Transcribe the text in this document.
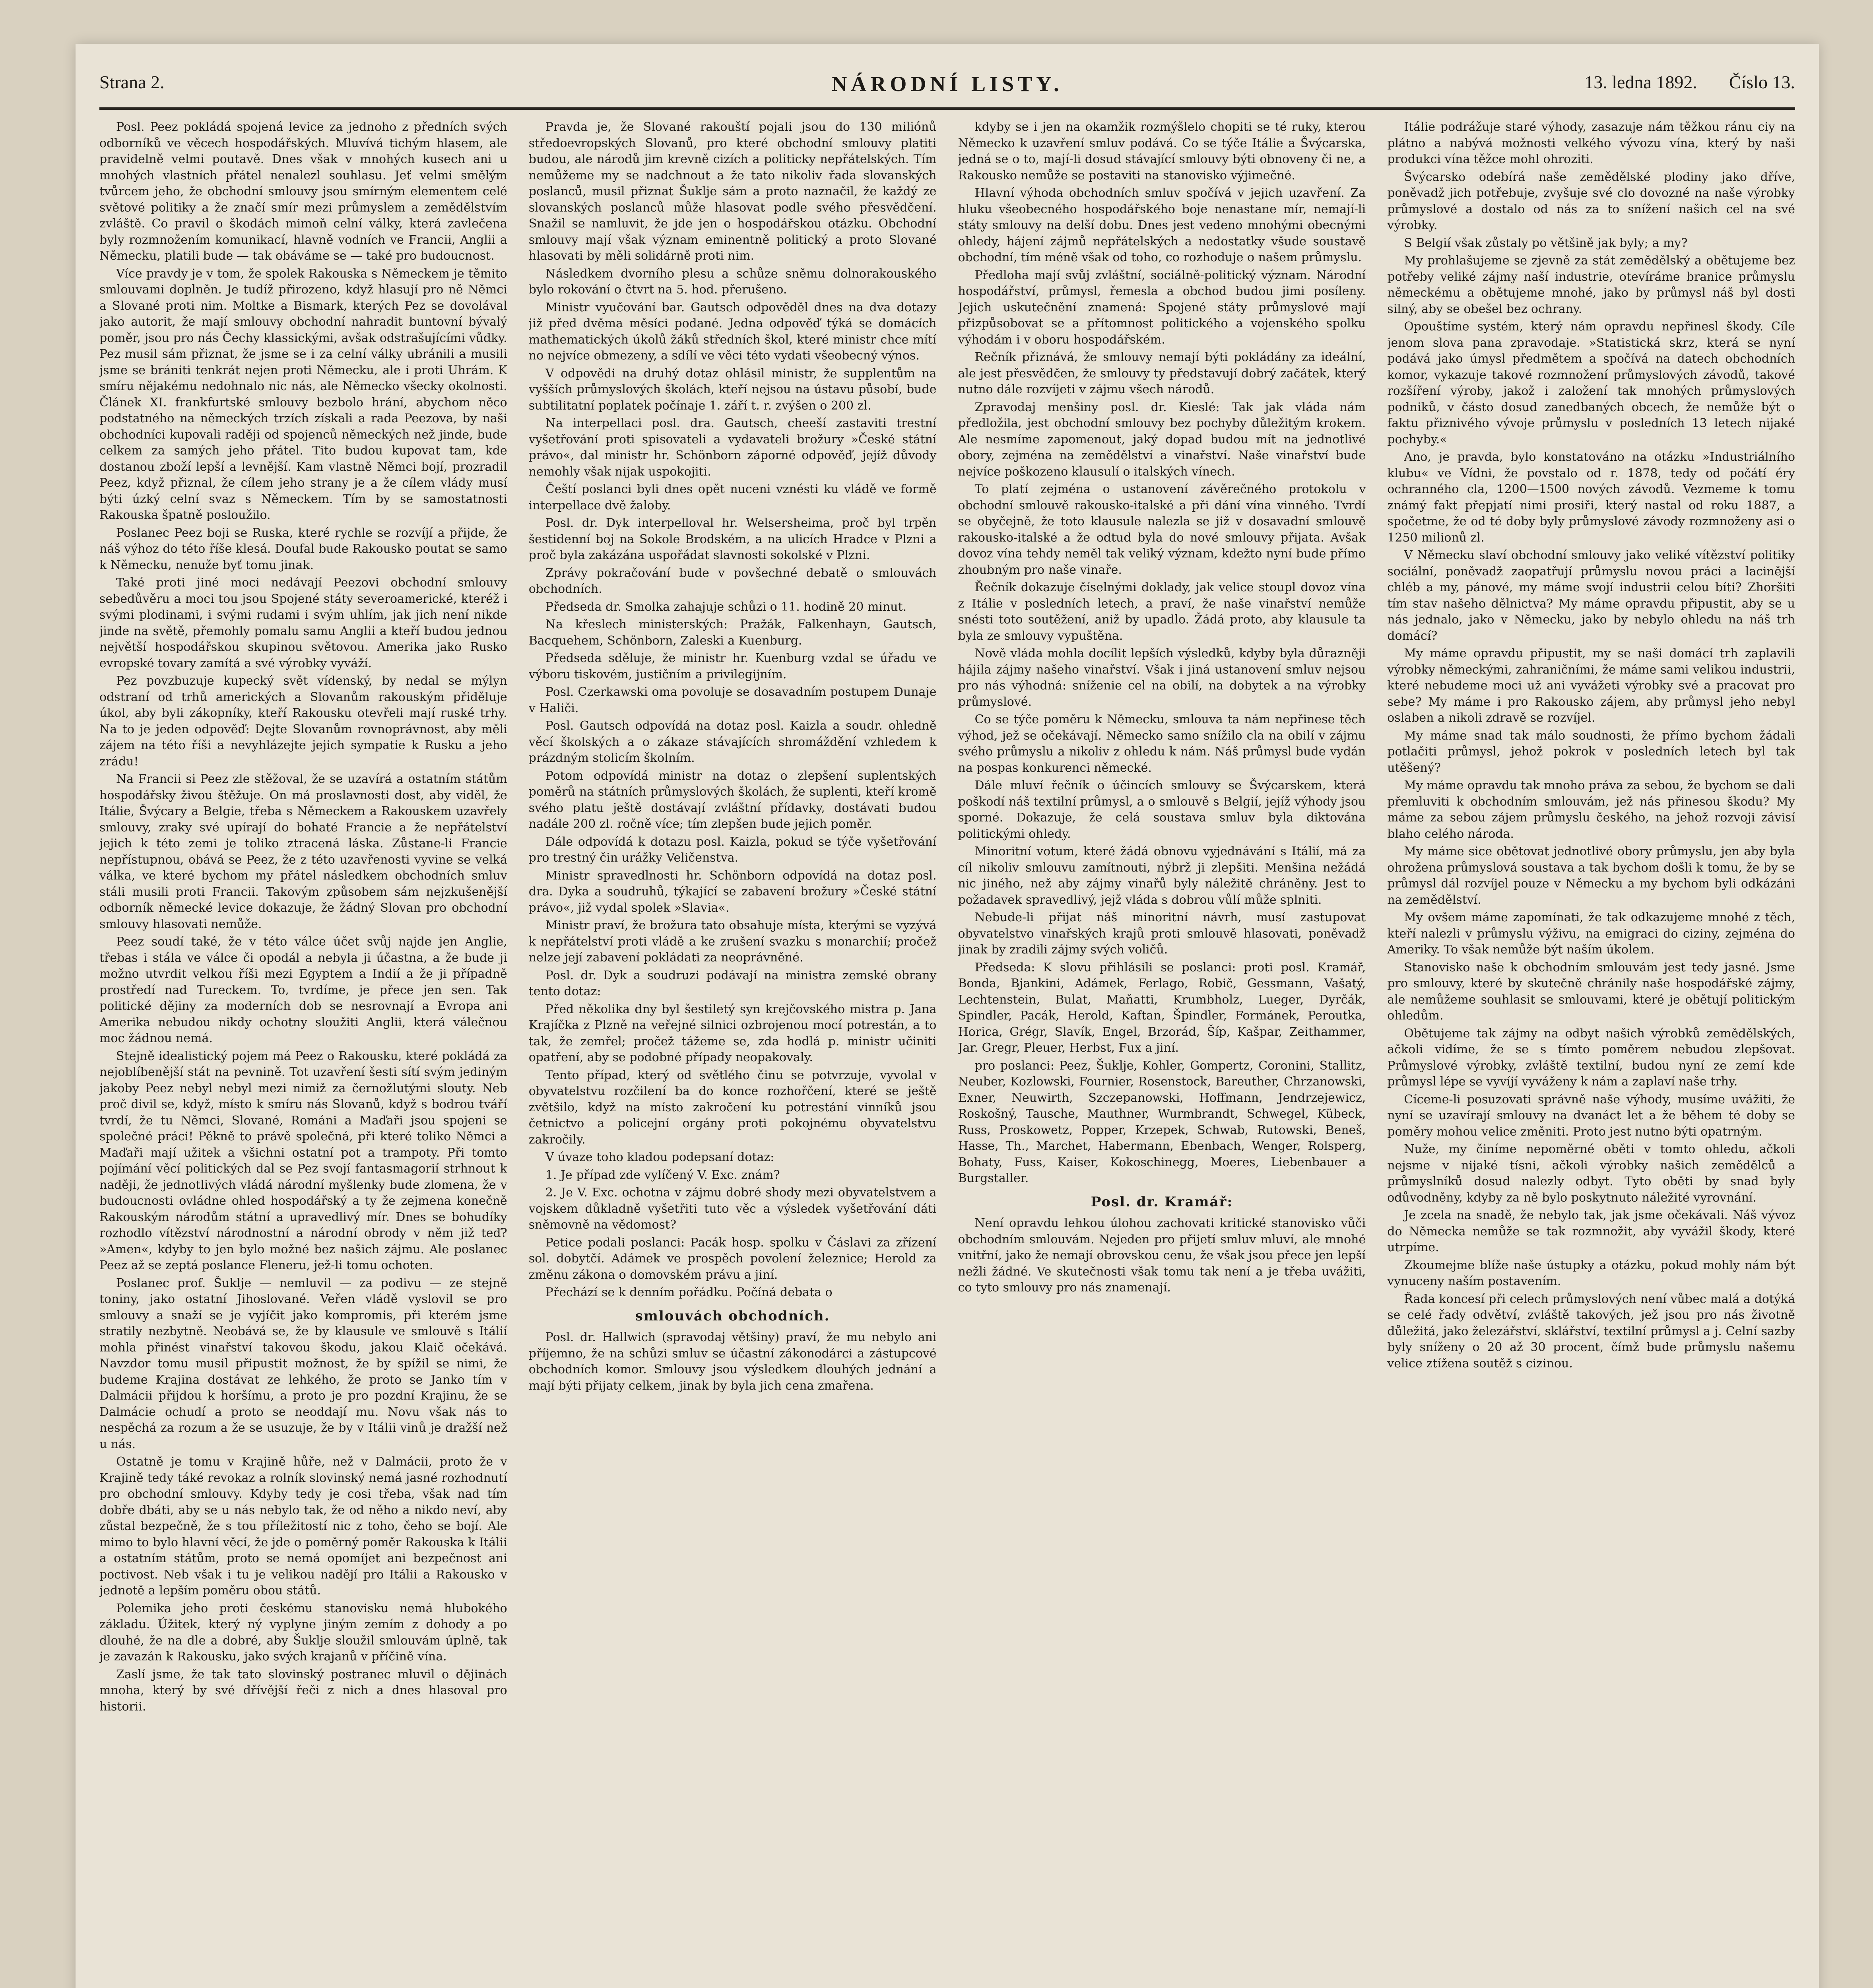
Strana 2.	NÁRODNÍ LISTY.	13. ledna 1892. Číslo 13.

Posl. Peez pokládá spojená levice za jednoho z předních svých odborníků ve věcech hospodářských. Mluvívá tichým hlasem, ale pravidelně velmi poutavě. Dnes však v mnohých kusech ani u mnohých vlastních přátel nenalezl souhlasu. Jeť velmi smělým tvůrcem jeho, že obchodní smlouvy jsou smírným elementem celé světové politiky a že značí smír mezi průmyslem a zemědělstvím zvláště. Co pravil o škodách mimoň celní války, která zavlečena byly rozmnožením komunikací, hlavně vodních ve Francii, Anglii a Německu, platili bude — tak obáváme se — také pro budoucnost.

Více pravdy je v tom, že spolek Rakouska s Německem je těmito smlouvami doplněn. Je tudíž přirozeno, když hlasují pro ně Němci a Slované proti nim. Moltke a Bismark, kterých Pez se dovolával jako autorit, že mají smlouvy obchodní nahradit buntovní bývalý poměr, jsou pro nás Čechy klassickými, avšak odstrašujícími vůdky. Pez musil sám přiznat, že jsme se i za celní války ubránili a musili jsme se brániti tenkrát nejen proti Německu, ale i proti Uhrám. K smíru nějakému nedohnalo nic nás, ale Německo všecky okolnosti. Článek XI. frankfurtské smlouvy bezbolo hrání, abychom něco podstatného na německých trzích získali a rada Peezova, by naši obchodníci kupovali raději od spojenců německých než jinde, bude celkem za samých jeho přátel. Tito budou kupovat tam, kde dostanou zboží lepší a levnější. Kam vlastně Němci bojí, prozradil Peez, když přiznal, že cílem jeho strany je a že cílem vlády musí býti úzký celní svaz s Německem. Tím by se samostatnosti Rakouska špatně posloužilo.

Poslanec Peez boji se Ruska, které rychle se rozvíjí a přijde, že náš výhoz do této říše klesá. Doufal bude Rakousko poutat se samo k Německu, nenuže byť tomu jinak.

Také proti jiné moci nedávají Peezovi obchodní smlouvy sebedůvěru a moci tou jsou Spojené státy severoamerické, kteréž i svými plodinami, i svými rudami i svým uhlím, jak jich není nikde jinde na světě, přemohly pomalu samu Anglii a kteří budou jednou největší hospodářskou skupinou světovou. Amerika jako Rusko evropské tovary zamítá a své výrobky vyváží.

Pez povzbuzuje kupecký svět vídenský, by nedal se mýlyn odstraní od trhů amerických a Slovanům rakouským přiděluje úkol, aby byli zákopníky, kteří Rakousku otevřeli mají ruské trhy. Na to je jeden odpověď: Dejte Slovanům rovnoprávnost, aby měli zájem na této říši a nevyhlázejte jejich sympatie k Rusku a jeho zrádu!

Na Francii si Peez zle stěžoval, že se uzavírá a ostatním státům hospodářsky živou štěžuje. On má proslavnosti dost, aby viděl, že Itálie, Švýcary a Belgie, třeba s Německem a Rakouskem uzavřely smlouvy, zraky své upírají do bohaté Francie a že nepřátelství jejich k této zemi je toliko ztracená láska. Zůstane-li Francie nepřístupnou, obává se Peez, že z této uzavřenosti vyvine se velká válka, ve které bychom my přátel následkem obchodních smluv stáli musili proti Francii. Takovým způsobem sám nejzkušenější odborník německé levice dokazuje, že žádný Slovan pro obchodní smlouvy hlasovati nemůže.

Peez soudí také, že v této válce účet svůj najde jen Anglie, třebas i stála ve válce či opodál a nebyla ji účastna, a že bude ji možno utvrdit velkou říši mezi Egyptem a Indií a že ji případně prostředí nad Tureckem. To, tvrdíme, je přece jen sen. Tak politické dějiny za moderních dob se nesrovnají a Evropa ani Amerika nebudou nikdy ochotny sloužiti Anglii, která válečnou moc žádnou nemá.

Stejně idealistický pojem má Peez o Rakousku, které pokládá za nejoblíbenější stát na pevnině. Tot uzavření šesti sítí svým jediným jakoby Peez nebyl nebyl mezi nimiž za černožlutými slouty. Neb proč divil se, když, místo k smíru nás Slovanů, když s bodrou tváří tvrdí, že tu Němci, Slované, Románi a Maďaři jsou spojeni se společné práci! Pěkně to právě společná, při které toliko Němci a Maďaři mají užitek a všichni ostatní pot a trampoty. Při tomto pojímání věcí politických dal se Pez svojí fantasmagorií strhnout k naději, že jednotlivých vládá národní myšlenky bude zlomena, že v budoucnosti ovládne ohled hospodářský a ty že zejmena konečně Rakouským národům státní a upravedlivý mír. Dnes se bohudíky rozhodlo vítězství národnostní a národní obrody v něm již teď? »Amen«, kdyby to jen bylo možné bez našich zájmu. Ale poslanec Peez až se zeptá poslance Fleneru, jež-li tomu ochoten.

Poslanec prof. Šuklje — nemluvil — za podivu — ze stejně toniny, jako ostatní Jihoslované. Veřen vládě vyslovil se pro smlouvy a snaží se je vyjíčit jako kompromis, při kterém jsme stratily nezbytně. Neobává se, že by klausule ve smlouvě s Itálií mohla přinést vinařství takovou škodu, jakou Klaič očekává. Navzdor tomu musil připustit možnost, že by spížil se nimi, že budeme Krajina dostávat ze lehkého, že proto se Janko tím v Dalmácii přijdou k horšímu, a proto je pro pozdní Krajinu, že se Dalmácie ochudí a proto se neoddají mu. Novu však nás to nespěchá za rozum a že se usuzuje, že by v Itálii vinů je dražší než u nás.

Ostatně je tomu v Krajině hůře, než v Dalmácii, proto že v Krajině tedy táké revokaz a rolník slovinský nemá jasné rozhodnutí pro obchodní smlouvy. Kdyby tedy je cosi třeba, však nad tím dobře dbáti, aby se u nás nebylo tak, že od něho a nikdo neví, aby zůstal bezpečně, že s tou příležitostí nic z toho, čeho se bojí. Ale mimo to bylo hlavní věcí, že jde o poměrný poměr Rakouska k Itálii a ostatním státům, proto se nemá opomíjet ani bezpečnost ani poctivost. Neb však i tu je velikou nadějí pro Itálii a Rakousko v jednotě a lepším poměru obou států.

Polemika jeho proti českému stanovisku nemá hlubokého základu. Úžitek, který ný vyplyne jiným zemím z dohody a po dlouhé, že na dle a dobré, aby Šuklje sloužil smlouvám úplně, tak je zavazán k Rakousku, jako svých krajanů v příčině vína.

Zaslí jsme, že tak tato slovinský postranec mluvil o dějinách mnoha, který by své dřívější řeči z nich a dnes hlasoval pro historii.

Pravda je, že Slované rakouští pojali jsou do 130 miliónů středoevropských Slovanů, pro které obchodní smlouvy platiti budou, ale národů jim krevně cizích a politicky nepřátelských. Tím nemůžeme my se nadchnout a že tato nikoliv řada slovanských poslanců, musil přiznat Šuklje sám a proto naznačil, že každý ze slovanských poslanců může hlasovat podle svého přesvědčení. Snažil se namluvit, že jde jen o hospodářskou otázku. Obchodní smlouvy mají však význam eminentně politický a proto Slované hlasovati by měli solidárně proti nim.

Následkem dvorního plesu a schůze sněmu dolnorakouského bylo rokování o čtvrt na 5. hod. přerušeno.

Ministr vyučování bar. Gautsch odpověděl dnes na dva dotazy již před dvěma měsíci podané. Jedna odpověď týká se domácích mathematických úkolů žáků středních škol, které ministr chce mítí no nejvíce obmezeny, a sdílí ve věci této vydati všeobecný výnos.

V odpovědi na druhý dotaz ohlásil ministr, že supplentům na vyšších průmyslových školách, kteří nejsou na ústavu působí, bude subtilitatní poplatek počínaje 1. září t. r. zvýšen o 200 zl.

Na interpellaci posl. dra. Gautsch, cheeší zastaviti trestní vyšetřování proti spisovateli a vydavateli brožury »České státní právo«, dal ministr hr. Schönborn záporné odpověď, jejíž důvody nemohly však nijak uspokojiti.

Čeští poslanci byli dnes opět nuceni vznésti ku vládě ve formě interpellace dvě žaloby.

Posl. dr. Dyk interpelloval hr. Welsersheima, proč byl trpěn šestidenní boj na Sokole Brodském, a na ulicích Hradce v Plzni a proč byla zakázána uspořádat slavnosti sokolské v Plzni.

Zprávy pokračování bude v povšechné debatě o smlouvách obchodních.

Předseda dr. Smolka zahajuje schůzi o 11. hodině 20 minut.

Na křeslech ministerských: Pražák, Falkenhayn, Gautsch, Bacquehem, Schönborn, Zaleski a Kuenburg.

Předseda sděluje, že ministr hr. Kuenburg vzdal se úřadu ve výboru tiskovém, justičním a privilegijním.

Posl. Czerkawski oma povoluje se dosavadním postupem Dunaje v Haliči.

Posl. Gautsch odpovídá na dotaz posl. Kaizla a soudr. ohledně věcí školských a o zákaze stávajících shromáždění vzhledem k prázdným stolicím školním.

Potom odpovídá ministr na dotaz o zlepšení suplentských poměrů na státních průmyslových školách, že suplenti, kteří kromě svého platu ještě dostávají zvláštní přídavky, dostávati budou nadále 200 zl. ročně více; tím zlepšen bude jejich poměr.

Dále odpovídá k dotazu posl. Kaizla, pokud se týče vyšetřování pro trestný čin urážky Veličenstva.

Ministr spravedlnosti hr. Schönborn odpovídá na dotaz posl. dra. Dyka a soudruhů, týkající se zabavení brožury »České státní právo«, již vydal spolek »Slavia«.

Ministr praví, že brožura tato obsahuje místa, kterými se vyzývá k nepřátelství proti vládě a ke zrušení svazku s monarchií; pročež nelze její zabavení pokládati za neoprávněné.

Posl. dr. Dyk a soudruzi podávají na ministra zemské obrany tento dotaz:

Před několika dny byl šestiletý syn krejčovského mistra p. Jana Krajíčka z Plzně na veřejné silnici ozbrojenou mocí potrestán, a to tak, že zemřel; pročež tážeme se, zda hodlá p. ministr učiniti opatření, aby se podobné případy neopakovaly.

Tento případ, který od světlého činu se potvrzuje, vyvolal v obyvatelstvu rozčilení ba do konce rozhořčení, které se ještě zvětšilo, když na místo zakročení ku potrestání vinníků jsou četnictvo a policejní orgány proti pokojnému obyvatelstvu zakročily.

V úvaze toho kladou podepsaní dotaz:

1. Je případ zde vylíčený V. Exc. znám?

2. Je V. Exc. ochotna v zájmu dobré shody mezi obyvatelstvem a vojskem důkladně vyšetřiti tuto věc a výsledek vyšetřování dáti sněmovně na vědomost?

Petice podali poslanci: Pacák hosp. spolku v Čáslavi za zřízení sol. dobytčí. Adámek ve prospěch povolení železnice; Herold za změnu zákona o domovském právu a jiní.

Přechází se k denním pořádku. Počíná debata o

smlouvách obchodních.

Posl. dr. Hallwich (spravodaj většiny) praví, že mu nebylo ani příjemno, že na schůzi smluv se účastní zákonodárci a zástupcové obchodních komor. Smlouvy jsou výsledkem dlouhých jednání a mají býti přijaty celkem, jinak by byla jich cena zmařena.

kdyby se i jen na okamžik rozmýšlelo chopiti se té ruky, kterou Německo k uzavření smluv podává. Co se týče Itálie a Švýcarska, jedná se o to, mají-li dosud stávající smlouvy býti obnoveny či ne, a Rakousko nemůže se postaviti na stanovisko výjimečné.

Hlavní výhoda obchodních smluv spočívá v jejich uzavření. Za hluku všeobecného hospodářského boje nenastane mír, nemají-li státy smlouvy na delší dobu. Dnes jest vedeno mnohými obecnými ohledy, hájení zájmů nepřátelských a nedostatky všude soustavě obchodní, tím méně však od toho, co rozhoduje o našem průmyslu.

Předloha mají svůj zvláštní, sociálně-politický význam. Národní hospodářství, průmysl, řemesla a obchod budou jimi posíleny. Jejich uskutečnění znamená: Spojené státy průmyslové mají přizpůsobovat se a přítomnost politického a vojenského spolku výhodám i v oboru hospodářském.

Rečník přiznává, že smlouvy nemají býti pokládány za ideální, ale jest přesvědčen, že smlouvy ty představují dobrý začátek, který nutno dále rozvíjeti v zájmu všech národů.

Zpravodaj menšiny posl. dr. Kieslé: Tak jak vláda nám předložila, jest obchodní smlouvy bez pochyby důležitým krokem. Ale nesmíme zapomenout, jaký dopad budou mít na jednotlivé obory, zejména na zemědělství a vinařství. Naše vinařství bude nejvíce poškozeno klausulí o italských vínech.

To platí zejména o ustanovení závěrečného protokolu v obchodní smlouvě rakousko-italské a při dání vína vinného. Tvrdí se obyčejně, že toto klausule nalezla se již v dosavadní smlouvě rakousko-italské a že odtud byla do nové smlouvy přijata. Avšak dovoz vína tehdy neměl tak veliký význam, kdežto nyní bude přímo zhoubným pro naše vinaře.

Řečník dokazuje číselnými doklady, jak velice stoupl dovoz vína z Itálie v posledních letech, a praví, že naše vinařství nemůže snésti toto soutěžení, aniž by upadlo. Žádá proto, aby klausule ta byla ze smlouvy vypuštěna.

Nově vláda mohla docílit lepších výsledků, kdyby byla důrazněji hájila zájmy našeho vinařství. Však i jiná ustanovení smluv nejsou pro nás výhodná: sníženie cel na obilí, na dobytek a na výrobky průmyslové.

Co se týče poměru k Německu, smlouva ta nám nepřinese těch výhod, jež se očekávají. Německo samo snížilo cla na obilí v zájmu svého průmyslu a nikoliv z ohledu k nám. Náš průmysl bude vydán na pospas konkurenci německé.

Dále mluví řečník o účincích smlouvy se Švýcarskem, která poškodí náš textilní průmysl, a o smlouvě s Belgií, jejíž výhody jsou sporné. Dokazuje, že celá soustava smluv byla diktována politickými ohledy.

Minoritní votum, které žádá obnovu vyjednávání s Itálií, má za cíl nikoliv smlouvu zamítnouti, nýbrž ji zlepšiti. Menšina nežádá nic jiného, než aby zájmy vinařů byly náležitě chráněny. Jest to požadavek spravedlivý, jejž vláda s dobrou vůlí může splniti.

Nebude-li přijat náš minoritní návrh, musí zastupovat obyvatelstvo vinařských krajů proti smlouvě hlasovati, poněvadž jinak by zradili zájmy svých voličů.

Předseda: K slovu přihlásili se poslanci: proti posl. Kramář, Bonda, Bjankini, Adámek, Ferlago, Robič, Gessmann, Vašatý, Lechtenstein, Bulat, Maňatti, Krumbholz, Lueger, Dyrčák, Spindler, Pacák, Herold, Kaftan, Špindler, Formánek, Peroutka, Horica, Grégr, Slavík, Engel, Brzorád, Šíp, Kašpar, Zeithammer, Jar. Gregr, Pleuer, Herbst, Fux a jiní.

pro poslanci: Peez, Šuklje, Kohler, Gompertz, Coronini, Stallitz, Neuber, Kozlowski, Fournier, Rosenstock, Bareuther, Chrzanowski, Exner, Neuwirth, Szczepanowski, Hoffmann, Jendrzejewicz, Roskošný, Tausche, Mauthner, Wurmbrandt, Schwegel, Kübeck, Russ, Proskowetz, Popper, Krzepek, Schwab, Rutowski, Beneš, Hasse, Th., Marchet, Habermann, Ebenbach, Wenger, Rolsperg, Bohaty, Fuss, Kaiser, Kokoschinegg, Moeres, Liebenbauer a Burgstaller.

Posl. dr. Kramář:

Není opravdu lehkou úlohou zachovati kritické stanovisko vůči obchodním smlouvám. Nejeden pro přijetí smluv mluví, ale mnohé vnitřní, jako že nemají obrovskou cenu, že však jsou přece jen lepší nežli žádné. Ve skutečnosti však tomu tak není a je třeba uvážiti, co tyto smlouvy pro nás znamenají.

Itálie podrážuje staré výhody, zasazuje nám těžkou ránu ciy na plátno a nabývá možnosti velkého vývozu vína, který by naši produkci vína těžce mohl ohroziti.

Švýcarsko odebírá naše zemědělské plodiny jako dříve, poněvadž jich potřebuje, zvyšuje své clo dovozné na naše výrobky průmyslové a dostalo od nás za to snížení našich cel na své výrobky.

S Belgií však zůstaly po většině jak byly; a my?

My prohlašujeme se zjevně za stát zemědělský a obětujeme bez potřeby veliké zájmy naší industrie, otevíráme branice průmyslu německému a obětujeme mnohé, jako by průmysl náš byl dosti silný, aby se obešel bez ochrany.

Opouštíme systém, který nám opravdu nepřinesl škody. Cíle jenom slova pana zpravodaje. »Statistická skrz, která se nyní podává jako úmysl předmětem a spočívá na datech obchodních komor, vykazuje takové rozmnožení průmyslových závodů, takové rozšíření výroby, jakož i založení tak mnohých průmyslových podniků, v částo dosud zanedbaných obcech, že nemůže být o faktu přiznivého vývoje průmyslu v posledních 13 letech nijaké pochyby.«

Ano, je pravda, bylo konstatováno na otázku »Industriálního klubu« ve Vídni, že povstalo od r. 1878, tedy od počátí éry ochranného cla, 1200—1500 nových závodů. Vezmeme k tomu známý fakt přepjatí nimi prosiři, který nastal od roku 1887, a spočetme, že od té doby byly průmyslové závody rozmnoženy asi o 1250 milionů zl.

V Německu slaví obchodní smlouvy jako veliké vítězství politiky sociální, poněvadž zaopatřují průmyslu novou práci a lacinější chléb a my, pánové, my máme svojí industrii celou bíti? Zhoršiti tím stav našeho dělnictva? My máme opravdu připustit, aby se u nás jednalo, jako v Německu, jako by nebylo ohledu na náš trh domácí?

My máme opravdu připustit, my se naši domácí trh zaplavili výrobky německými, zahraničními, že máme sami velikou industrii, které nebudeme moci už ani vyvážeti výrobky své a pracovat pro sebe? My máme i pro Rakousko zájem, aby průmysl jeho nebyl oslaben a nikoli zdravě se rozvíjel.

My máme snad tak málo soudnosti, že přímo bychom žádali potlačiti průmysl, jehož pokrok v posledních letech byl tak utěšený?

My máme opravdu tak mnoho práva za sebou, že bychom se dali přemluviti k obchodním smlouvám, jež nás přinesou škodu? My máme za sebou zájem průmyslu českého, na jehož rozvoji závisí blaho celého národa.

My máme sice obětovat jednotlivé obory průmyslu, jen aby byla ohrožena průmyslová soustava a tak bychom došli k tomu, že by se průmysl dál rozvíjel pouze v Německu a my bychom byli odkázáni na zemědělství.

My ovšem máme zapomínati, že tak odkazujeme mnohé z těch, kteří nalezli v průmyslu výživu, na emigraci do ciziny, zejména do Ameriky. To však nemůže být naším úkolem.

Stanovisko naše k obchodním smlouvám jest tedy jasné. Jsme pro smlouvy, které by skutečně chránily naše hospodářské zájmy, ale nemůžeme souhlasit se smlouvami, které je obětují politickým ohledům.

Obětujeme tak zájmy na odbyt našich výrobků zemědělských, ačkoli vidíme, že se s tímto poměrem nebudou zlepšovat. Průmyslové výrobky, zvláště textilní, budou nyní ze zemí kde průmysl lépe se vyvíjí vyváženy k nám a zaplaví naše trhy.

Cíceme-li posuzovati správně naše výhody, musíme uvážiti, že nyní se uzavírají smlouvy na dvanáct let a že během té doby se poměry mohou velice změniti. Proto jest nutno býti opatrným.

Nuže, my činíme nepoměrné oběti v tomto ohledu, ačkoli nejsme v nijaké tísni, ačkoli výrobky našich zemědělců a průmyslníků dosud nalezly odbyt. Tyto oběti by snad byly odůvodněny, kdyby za ně bylo poskytnuto náležité vyrovnání.

Je zcela na snadě, že nebylo tak, jak jsme očekávali. Náš vývoz do Německa nemůže se tak rozmnožit, aby vyvážil škody, které utrpíme.

Zkoumejme blíže naše ústupky a otázku, pokud mohly nám být vynuceny naším postavením.

Řada koncesí při celech průmyslových není vůbec malá a dotýká se celé řady odvětví, zvláště takových, jež jsou pro nás životně důležitá, jako železářství, sklářství, textilní průmysl a j. Celní sazby byly sníženy o 20 až 30 procent, čímž bude průmyslu našemu velice ztížena soutěž s cizinou.
